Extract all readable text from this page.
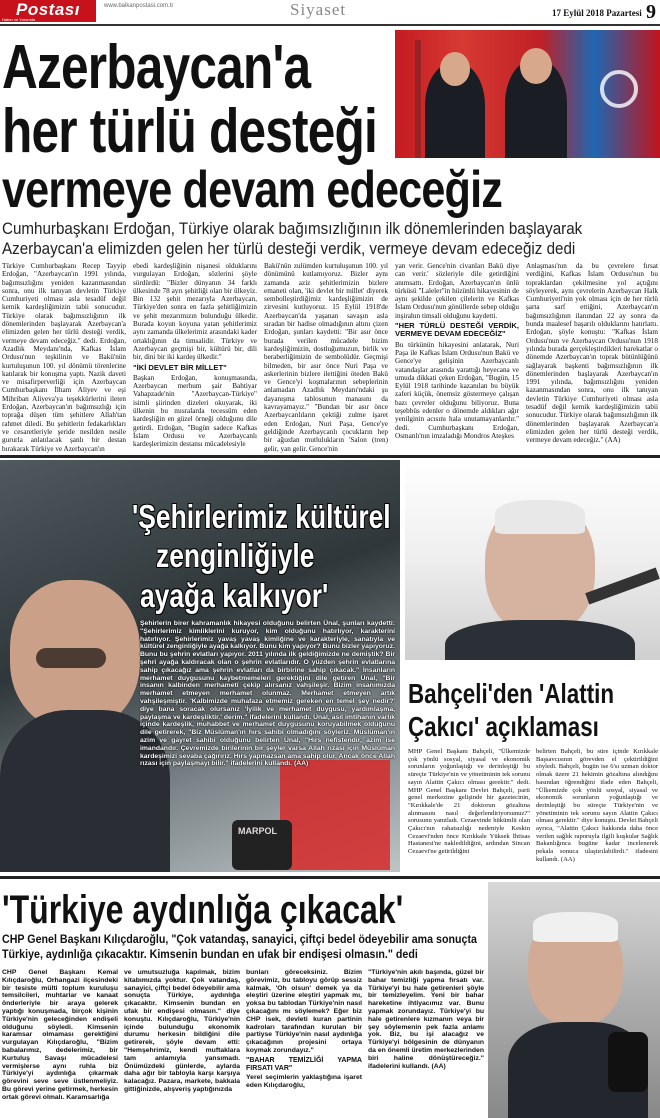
Postası
Haber ve Yorumda
www.balkanpostasi.com.tr	Siyaset	17 Eylül 2018 Pazartesi 9
Azerbaycan'a
her türlü desteği
vermeye devam edeceğiz
Cumhurbaşkanı Erdoğan, Türkiye olarak bağımsızlığının ilk dönemlerinden başlayarak
Azerbaycan'a elimizden gelen her türlü desteği verdik, vermeye devam edeceğiz dedi
Türkiye Cumhurbaşkanı Recep Tayyip Erdoğan, "Azerbaycan'ın 1991 yılında, bağımsızlığını yeniden kazanmasından sonra, onu ilk tanıyan devletin Türkiye Cumhuriyeti olması asla tesadüf değil kemik kardeşliğimizin tabii sonucudur. Türkiye olarak bağımsızlığının ilk dönemlerinden başlayarak Azerbaycan'a elimizden gelen her türlü desteği verdik, vermeye devam edeceğiz." dedi. Erdoğan, Azadlık Meydanı'nda, Kafkas İslam Ordusu'nun teşkilinin ve Bakü'nün kurtuluşunun 100. yıl dönümü törenlerine katılarak bir konuşma yaptı. Nazik daveti ve misafirperverliği için Azerbaycan Cumhurbaşkanı İlham Aliyev ve eşi Mihriban Aliyeva'ya teşekkürlerini ileten Erdoğan, Azerbaycan'ın bağımsızlığı için toprağa düşen tüm şehitlere Allah'tan rahmet diledi. Bu şehitlerin fedakarlıkları ve cesaretleriyle şeride nesilden nesile gururla anlatılacak şanlı bir destan bırakarak Türkiye ve Azerbaycan'ın
ebedi kardeşliğinin nişanesi olduklarını vurgulayan Erdoğan, sözlerini şöyle sürdürdü: "Bizler dünyanın 34 farklı ülkesinde 78 ayrı şehitliği olan bir ülkeyiz. Bin 132 şehit mezarıyla Azerbaycan, Türkiye'den sonra en fazla şehitliğimizin ve şehit mezarımızın bulunduğu ülkedir. Burada koyun koyuna yatan şehitlerimiz aynı zamanda ülkelerimiz arasındaki kader ortaklığının da timsalidir. Türkiye ve Azerbaycan geçmişi bir, kültürü bir, dili bir, dini bir iki kardeş ülkedir."
"İKİ DEVLET BİR MİLLET"
Başkan Erdoğan, konuşmasında, Azerbaycan merhum şair Bahtiyar Vahapzade'nin "Azerbaycan-Türkiye" isimli şiirinden dizeleri okuyarak, iki ülkenin bu mısralarda tecessüm eden kardeşliğin en güzel örneği olduğunu dile getirdi. Erdoğan, "Bugün sadece Kafkas İslam Ordusu ve Azerbaycanlı kardeşlerimizin destansı mücadelesiyle
Bakü'nün zulümden kurtuluşunun 100. yıl dönümünü kutlamıyoruz. Bizler aynı zamanda aziz şehitlerimizin bizlere emaneti olan, 'iki devlet bir millet' diyerek sembolleştirdiğimiz kardeşliğimizin de zirvesini kutluyoruz. 15 Eylül 1918'de Azerbaycan'da yaşanan savaşın asla sıradan bir hadise olmadığının altını çizen Erdoğan, şunları kaydetti: "Bir asır önce burada verilen mücadele bizim kardeşliğimizin, dostluğumuzun, birlik ve beraberliğimizin de sembolüdür. Geçmişi bilmeden, bir asır önce Nuri Paşa ve askerlerinin bizlere ilettiğini öteden Bakü ve Gence'yi koşmalarının sebeplerinin anlamadan Azadlık Meydanı'ndaki şu dayanışma tablosunun manasını da kavrayamayız." "Bundan bir asır önce Azerbaycanlıların çektiği zulme işaret eden Erdoğan, Nuri Paşa, Gence'ye geldiğinde Azerbaycanlı çocukların hep bir ağızdan mutlulukların 'Salon (tren) gelir, yan gelir. Gence'nin
yan verir. Gence'nin civanları Bakü diye can verir.' sözleriyle dile getirdiğini anımsattı. Erdoğan, Azerbaycan'ın ünlü türküsü "Laleler"in hüzünlü hikayesinin de aynı şekilde çekilen çilelerin ve Kafkas İslam Ordusu'nun gönüllerde sebep olduğu inşirahın timsali olduğunu kaydetti.
"HER TÜRLÜ DESTEĞİ VERDİK, VERMEYE DEVAM EDECEĞİZ"
Bu türkünün hikayesini anlatarak, Nuri Paşa ile Kafkas İslam Ordusu'nun Bakü ve Gence'ye gelişinin Azerbaycanlı vatandaşlar arasında yarattığı heyecana ve umuda dikkati çeken Erdoğan, "Bugün, 15 Eylül 1918 tarihinde kazanılan bu büyük zaferi küçük, önemsiz göstermeye çalışan bazı çevreler olduğunu biliyoruz. Buna teşebbüs edenler o dönemde aldıkları ağır yenilginin acısını hala unutamayanlardır." dedi. Cumhurbaşkanı Erdoğan, Osmanlı'nın imzaladığı Mondros Ateşkes
Anlaşması'nın da bu çevrelere fırsat verdiğini, Kafkas İslam Ordusu'nun bu topraklardan çekilmesine yol açtığını söyleyerek, aynı çevrelerin Azerbaycan Halk Cumhuriyeti'nin yok olması için de her türlü şarta sarf ettiğini, Azerbaycan'ın bağımsızlığının ilanından 22 ay sonra da bunda maalesef başarılı olduklarını hatırlattı. Erdoğan, şöyle konuştu: "Kafkas İslam Ordusu'nun ve Azerbaycan Ordusu'nun 1918 yılında burada gerçekleştirdikleri harekatlar o dönemde Azerbaycan'ın toprak bütünlüğünü sağlayarak başkenti bağımsızlığının ilk dönemlerinden başlayarak Azerbaycan'ın 1991 yılında, bağımsızlığını yeniden kazanmasından sonra, onu ilk tanıyan devletin Türkiye Cumhuriyeti olması asla tesadüf değil kemik kardeşliğimizin tabii sonucudur. Türkiye olarak bağımsızlığının ilk dönemlerinden başlayarak Azerbaycan'a elimizden gelen her türlü desteği verdik, vermeye devam edeceğiz." (AA)
'Şehirlerimiz kültürel
zenginliğiyle
ayağa kalkıyor'
Şehirlerin birer kahramanlık hikayesi olduğunu belirten Ünal, şunları kaydetti: "Şehirlerimiz kimliklerini kuruyor, kim olduğunu hatırlıyor, karakterini hatırlıyor. Şehirlerimiz yavaş yavaş kimliğine ve karakteriyle, sanatıyla ve kültürel zenginliğiyle ayağa kalkıyor. Bunu kim yapıyor? Bunu bizler yapıyoruz. Bunu bu şehrin evlatları yapıyor. 2011 yılında ilk geldiğimizde ne demiştik? Bir şehri ayağa kaldıracak olan o şehrin evlatlarıdır. O yüzden şehrin evlatlarına sahip çıkacağız ama şehrin evlatları da birbirine sahip çıkacak." İnsanların merhamet duygusunu kaybetmemeleri gerektiğini dile getiren Ünal, "Bir insanın kalbinden merhameti çekip alırsanız vahşileşir. Bizim insanımızda merhamet etmeyen merhamet olunmaz. Merhamet etmeyen artık vahşileşmiştir. 'Kalbimizde muhafaza etmemiz gereken en temel şey nedir?' diye bana soracak olursanız 'İyilik ve merhamet duygusu, yardımlaşma, paylaşma ve kardeşliktir.' derim." ifadelerini kullandı. Ünal, asıl imtihanın varlık içinde kardeşlik, muhabbet ve merhamet duygusunu koruyabilmek olduğunu dile getirerek, "Biz Müslüman'ın hırs sahibi olmadığını söyleriz. Müslüman'ın azim ve gayret sahibi olduğunu belirten Ünal, "Hırs nefistendir, azim ise imandandır. Çevremizde birilerinin bir şeyler varsa Allah rızası için Müslüman kardeşimizi sevaba çağırırız. Hırs yapmazsan ama sahip olur. Ancak önce Allah rızası için paylaşmayı bilir." ifadelerini kullandı. (AA)
MARPOL
Bahçeli'den 'Alattin
Çakıcı' açıklaması
MHP Genel Başkanı Bahçeli, "Ülkemizde çok yönlü sosyal, siyasal ve ekonomik sorunların yoğunlaştığı ve derinleştiği bu süreçte Türkiye'nin ve yönetiminin tek sorunu sayın Alattin Çakıcı olması gerektir." dedi. MHP Genel Başkanı Devlet Bahçeli, parti genel merkezine gelişinde bir gazetecinin, "Kırıkkale'de 21 doktorun gözaltına alınmasını nasıl değerlendiriyorsunuz?" sorusunu yanıtladı. Cezaevinde hükümlü olan Çakıcı'nın rahatsızlığı nedeniyle Keskin Cezaevi'nden önce Kırıkkale Yüksek İhtisas Hastanesi'ne nakledildiğini, ardından Sincan Cezaevi'ne getirildiğini
belirten Bahçeli, bu süre içinde Kırıkkale Başsavcısının görevden el çektirildiğini söyledi. Bahçeli, bugün ise 6'sı uzman doktor olmak üzere 21 hekimin gözaltına alındığını basından öğrendiğini ifade eden Bahçeli, "Ülkemizde çok yönlü sosyal, siyasal ve ekonomik sorunların yoğunlaştığı ve derinleştiği bu süreçte Türkiye'nin ve yönetiminin tek sorunu sayın Alattin Çakıcı olması gerektir." diye konuştu. Devlet Bahçeli ayrıca, "Alattin Çakıcı hakkında daha önce verilen sağlık raporuyla ilgili kuşkular Sağlık Bakanlığınca bugüne kadar incelenerek pekala sonuca ulaştırılabilirdi." ifadesini kullandı. (AA)
'Türkiye aydınlığa çıkacak'
CHP Genel Başkanı Kılıçdaroğlu, "Çok vatandaş, sanayici, çiftçi bedel ödeyebilir ama sonuçta
Türkiye, aydınlığa çıkacaktır. Kimsenin bundan en ufak bir endişesi olmasın." dedi
CHP Genel Başkanı Kemal Kılıçdaroğlu, Orhangazi ilçesindeki bir tesiste mülti toplum kuruluşu temsilcileri, muhtarlar ve kanaat önderleriyle bir araya gelerek yaptığı konuşmada, birçok kişinin Türkiye'nin geleceğinden endişeli olduğunu söyledi. Kimsenin karamsar olmaması gerektiğini vurgulayan Kılıçdaroğlu, "Bizim babalarımız, dedelerimiz, bir Kurtuluş Savaşı mücadelesi vermişlerse aynı ruhla biz Türkiye'yi aydınlığa çıkarmak görevini seve seve üstlenmeliyiz. Bu görevi yerine getirmek, herkesin ortak görevi olmalı. Karamsarlığa
ve umutsuzluğa kapılmak, bizim kitabımızda yoktur. Çok vatandaş, sanayici, çiftçi bedel ödeyebilir ama sonuçta Türkiye, aydınlığa çıkacaktır. Kimsenin bundan en ufak bir endişesi olmasın." diye konuştu. Kılıçdaroğlu, Türkiye'nin içinde bulunduğu ekonomik durumu herkesin bildiğini dile getirerek, şöyle devam etti: "Hemşehrimiz, kendi muftaklara tam anlamıyla yansımadı. Önümüzdeki günlerde, aylarda daha ağır bir tabloyla karşı karşıya kalacağız. Pazara, markete, bakkala gittiğinizde, alışveriş yaptığınızda
bunları göreceksiniz. Bizim görevimiz, bu tabloyu görüp sessiz kalmak, 'Oh olsun' demek ya da eleştiri üzerine eleştiri yapmak mı, yoksa bu tablodan Türkiye'nin nasıl çıkacağını mı söylemek? Eğer biz CHP isek, devleti kuran partinin kadroları tarafından kurulan bir partiyse Türkiye'nin nasıl aydınlığa çıkacağının projesini ortaya koymak zorundayız."
"BAHAR TEMİZLİĞİ YAPMA FIRSATI VAR"
Yerel seçimlerin yaklaştığına işaret eden Kılıçdaroğlu,
"Türkiye'nin akılı başında, güzel bir bahar temizliği yapma fırsatı var. Türkiye'yi bu hale getirenleri şöyle bir temizleyelim. Yeni bir bahar hareketine ihtiyacımız var. Bunu yapmak zorundayız. Türkiye'yi bu hale getirenlere kızmanın veya bir şey söylemenin pek fazla anlamı yok. Biz, bu işi alacağız ve Türkiye'yi bölgesinin de dünyanın da en önemli üretim merkezlerinden biri haline dönüştüreceğiz." ifadelerini kullandı. (AA)
